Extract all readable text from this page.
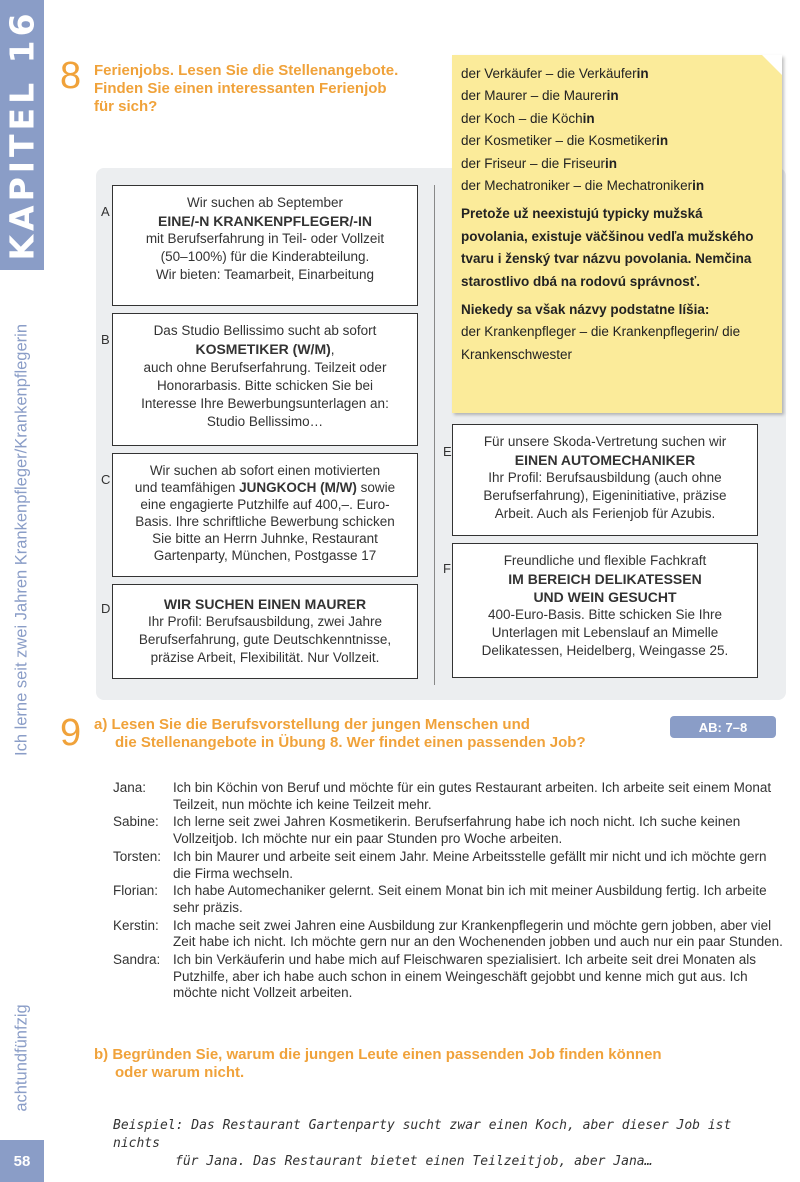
KAPITEL 16
Ich lerne seit zwei Jahren Krankenpfleger/Krankenpflegerin
achtundfünfzig
58
8 Ferienjobs. Lesen Sie die Stellenangebote.
Finden Sie einen interessanten Ferienjob
für sich?

der Verkäufer – die Verkäuferin

der Maurer – die Maurerin

der Koch – die Köchin

der Kosmetiker – die Kosmetikerin

der Friseur – die Friseurin

der Mechatroniker – die Mechatronikerin

Pretože už neexistujú typicky mužská povolania, existuje väčšinou vedľa mužského tvaru i ženský tvar názvu povolania. Nemčina starostlivo dbá na rodovú správnosť.

Niekedy sa však názvy podstatne líšia:

der Krankenpfleger – die Krankenpflegerin/ die Krankenschwester

A
Wir suchen ab September
EINE/-N KRANKENPFLEGER/-IN
mit Berufserfahrung in Teil- oder Vollzeit
(50–100%) für die Kinderabteilung.
Wir bieten: Teamarbeit, Einarbeitung
B
Das Studio Bellissimo sucht ab sofort
KOSMETIKER (W/M),
auch ohne Berufserfahrung. Teilzeit oder
Honorarbasis. Bitte schicken Sie bei
Interesse Ihre Bewerbungsunterlagen an:
Studio Bellissimo…
C
Wir suchen ab sofort einen motivierten
und teamfähigen JUNGKOCH (M/W) sowie
eine engagierte Putzhilfe auf 400,–. Euro-
Basis. Ihre schriftliche Bewerbung schicken
Sie bitte an Herrn Juhnke, Restaurant
Gartenparty, München, Postgasse 17
D	WIR SUCHEN EINEN MAURER
Ihr Profil: Berufsausbildung, zwei Jahre
Berufserfahrung, gute Deutschkenntnisse,
präzise Arbeit, Flexibilität. Nur Vollzeit.
E
Für unsere Skoda-Vertretung suchen wir
EINEN AUTOMECHANIKER
Ihr Profil: Berufsausbildung (auch ohne
Berufserfahrung), Eigeninitiative, präzise
Arbeit. Auch als Ferienjob für Azubis.
F
Freundliche und flexible Fachkraft
IM BEREICH DELIKATESSEN
UND WEIN GESUCHT
400-Euro-Basis. Bitte schicken Sie Ihre
Unterlagen mit Lebenslauf an Mimelle
Delikatessen, Heidelberg, Weingasse 25.
9 a) Lesen Sie die Berufsvorstellung der jungen Menschen und
die Stellenangebote in Übung 8. Wer findet einen passenden Job?
AB: 7–8
Jana:	Ich bin Köchin von Beruf und möchte für ein gutes Restaurant arbeiten. Ich arbeite seit einem Monat Teilzeit, nun möchte ich keine Teilzeit mehr.
Sabine:	Ich lerne seit zwei Jahren Kosmetikerin. Berufserfahrung habe ich noch nicht. Ich suche keinen Vollzeitjob. Ich möchte nur ein paar Stunden pro Woche arbeiten.
Torsten: Ich bin Maurer und arbeite seit einem Jahr. Meine Arbeitsstelle gefällt mir nicht und ich möchte gern die Firma wechseln.
Florian:	Ich habe Automechaniker gelernt. Seit einem Monat bin ich mit meiner Ausbildung fertig. Ich arbeite sehr präzis.
Kerstin:	Ich mache seit zwei Jahren eine Ausbildung zur Krankenpflegerin und möchte gern jobben, aber viel Zeit habe ich nicht. Ich möchte gern nur an den Wochenenden jobben und auch nur ein paar Stunden.
Sandra: Ich bin Verkäuferin und habe mich auf Fleischwaren spezialisiert. Ich arbeite seit drei Monaten als Putzhilfe, aber ich habe auch schon in einem Weingeschäft gejobbt und kenne mich gut aus. Ich möchte nicht Vollzeit arbeiten.
b) Begründen Sie, warum die jungen Leute einen passenden Job finden können
oder warum nicht.
Beispiel: Das Restaurant Gartenparty sucht zwar einen Koch, aber dieser Job ist nichts
für Jana. Das Restaurant bietet einen Teilzeitjob, aber Jana…
